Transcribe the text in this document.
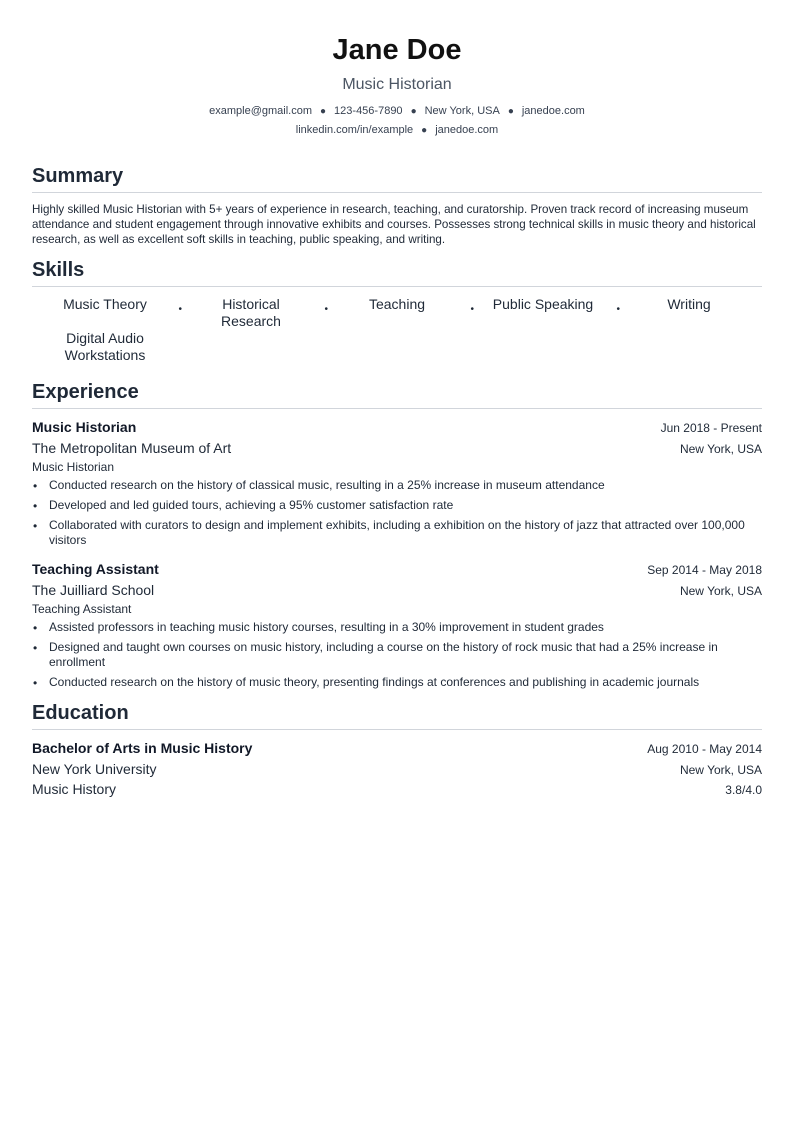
Jane Doe
Music Historian
example@gmail.com ● 123-456-7890 ● New York, USA ● janedoe.com
linkedin.com/in/example ● janedoe.com
Summary
Highly skilled Music Historian with 5+ years of experience in research, teaching, and curatorship. Proven track record of increasing museum attendance and student engagement through innovative exhibits and courses. Possesses strong technical skills in music theory and historical research, as well as excellent soft skills in teaching, public speaking, and writing.
Skills
Music Theory	•	Historical Research
•	Teaching	•	Public Speaking •	Writing
Digital Audio Workstations
Experience
Music Historian	Jun 2018 - Present
The Metropolitan Museum of Art	New York, USA
Music Historian
• Conducted research on the history of classical music, resulting in a 25% increase in museum attendance
• Developed and led guided tours, achieving a 95% customer satisfaction rate
• Collaborated with curators to design and implement exhibits, including a exhibition on the history of jazz that attracted over 100,000 visitors
Teaching Assistant	Sep 2014 - May 2018
The Juilliard School	New York, USA
Teaching Assistant
• Assisted professors in teaching music history courses, resulting in a 30% improvement in student grades
• Designed and taught own courses on music history, including a course on the history of rock music that had a 25% increase in enrollment
• Conducted research on the history of music theory, presenting findings at conferences and publishing in academic journals
Education
Bachelor of Arts in Music History	Aug 2010 - May 2014
New York University	New York, USA
Music History	3.8/4.0
